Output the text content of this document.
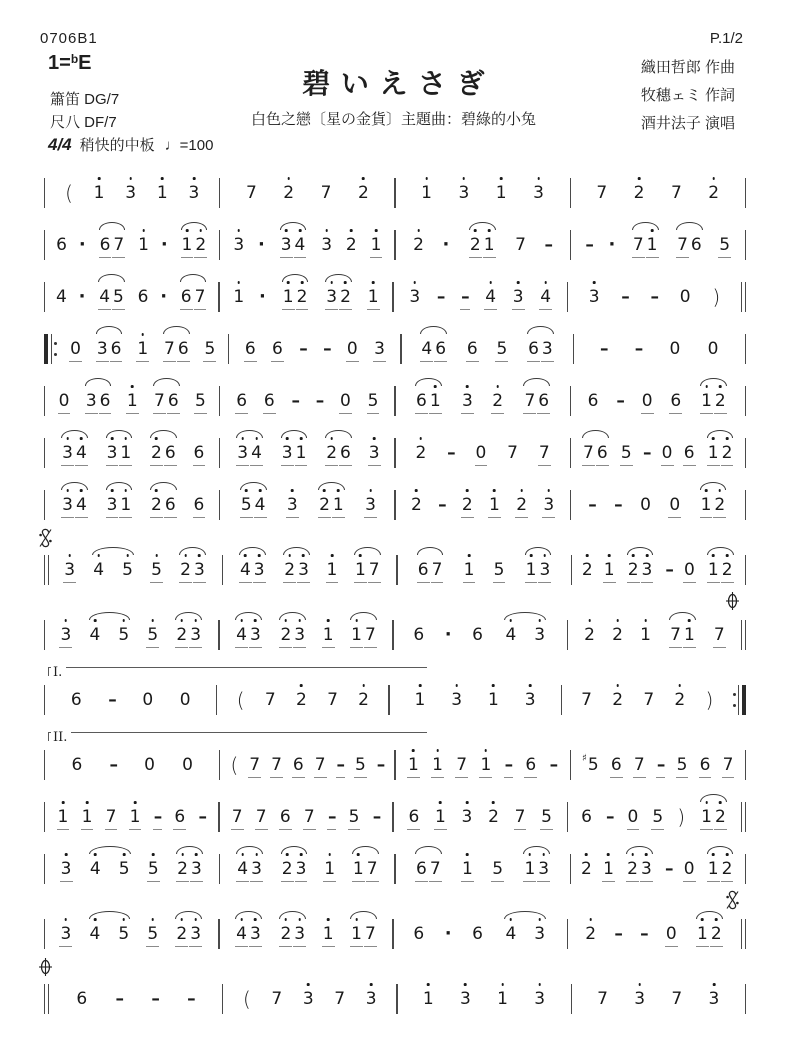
0706B1	P.1/2
1=$^b$E
碧いえさぎ
白色之戀〔星の金貨〕主題曲：碧綠的小兔
簫笛 DG/7
尺八 DF/7
織田哲郎 作曲
牧穗ェミ 作詞
酒井法子 演唱
4/4 稍快的中板 ♩=100
( 1 3 1 3	7 2 7 2	1 3 1 3	7 2 7 2
6 · 6 7 1 · 1 2 3 · 3 4 3 2 1 2 · 2 1 7 – – · 7 1 7 6 5
4 · 4 5 6 · 6 7 1 · 1 2 3 2 1 3 – – 4 3 4 3 – – 0 )
0 3 6 1 7 6 5 6 6 – – 0 3 4 6 6 5 6 3	– – 0 0
0 3 6 1 7 6 5 6 6 – – 0 5 6 1 3 2 7 6 6 – 0 6 1 2
3 4 3 1 2 6 6 3 4 3 1 2 6 3 2 – 0 7 7 7 6 5 – 0 6 1 2
3 4 3 1 2 6 6 5 4 3 2 1 3 2 – 2 1 2 3 – – 0 0 1 2
3 4 5 5 2 3 4 3 2 3 1 1 7 6 7 1 5 1 3 2 1 2 3 – 0 1 2
3 4 5 5 2 3 4 3 2 3 1 1 7 6 · 6 4 3 2 2 1 7 1 7
I.
6 – 0 0 ( 7 2 7 2	1 3 1 3	7 2 7 2 )
II.
6 – 0 0 ( 7 7 6 7 – 5 – 1 1 7 1 – 6 – ♯ 5 6 7 – 5 6 7
1 1 7 1 – 6 – 7 7 6 7 – 5 – 6 1 3 2 7 5 6 – 0 5 ) 1 2
3 4 5 5 2 3 4 3 2 3 1 1 7 6 7 1 5 1 3 2 1 2 3 – 0 1 2
3 4 5 5 2 3 4 3 2 3 1 1 7 6 · 6 4 3 2 – – 0 1 2
6 – – – ( 7 3 7 3	1 3 1 3	7 3 7 3
